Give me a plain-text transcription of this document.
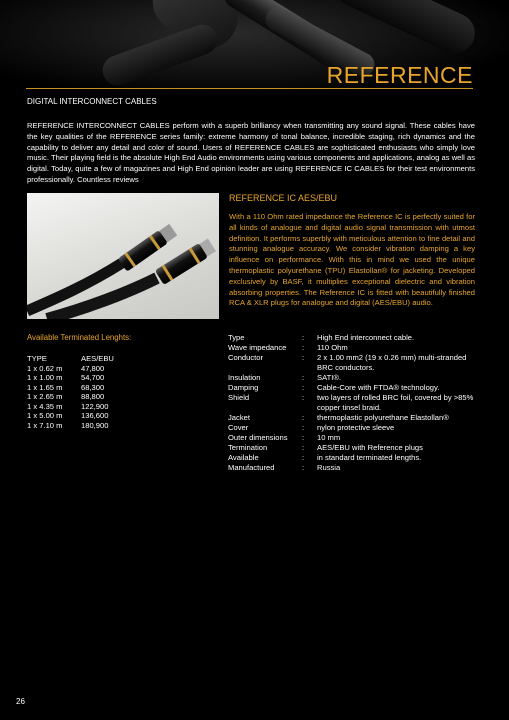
REFERENCE
DIGITAL INTERCONNECT CABLES

REFERENCE INTERCONNECT CABLES perform with a superb brilliancy when transmitting any sound signal. These cables have the key qualities of the REFERENCE series family: extreme harmony of tonal balance, incredible staging, rich dynamics and the capability to deliver any detail and color of sound. Users of REFERENCE CABLES are sophisticated enthusiasts who simply love music. Their playing field is the absolute High End Audio environments using various components and applications, analog as well as digital. Today, quite a few of magazines and High End opinion leader are using REFERENCE IC CABLES for their test environments professionally. Countless reviews

REFERENCE IC AES/EBU

With a 110 Ohm rated impedance the Reference IC is perfectly suited for all kinds of analogue and digital audio signal transmission with utmost definition. It performs superbly with meticulous attention to fine detail and stunning analogue accuracy. We consider vibration damping a key influence on performance. With this in mind we used the unique thermoplastic polyurethane (TPU) Elastollan® for jacketing. Developed exclusively by BASF, it multiplies exceptional dielectric and vibration absorbing properties. The Reference IC is fitted with beautifully finished RCA & XLR plugs for analogue and digital (AES/EBU) audio.

Available Terminated Lenghts:
TYPE	AES/EBU
1 x 0.62 m	47,800
1 x 1.00 m	54,700
1 x 1.65 m	68,300
1 x 2.65 m	88,800
1 x 4.35 m	122,900
1 x 5.00 m	136,600
1 x 7.10 m	180,900
Type	:	High End interconnect cable.
Wave impedance	:	110 Ohm
Conductor	:	2 x 1.00 mm2 (19 x 0.26 mm) multi-stranded BRC conductors.
Insulation	:	SATI®.
Damping	:	Cable-Core with FTDA® technology.
Shield	:	two layers of rolled BRC foil, covered by >85% copper tinsel braid.
Jacket	:	thermoplastic polyurethane Elastollan®
Cover	:	nylon protective sleeve
Outer dimensions	:	10 mm
Termination	:	AES/EBU with Reference plugs
Available	:	in standard terminated lengths.
Manufactured	:	Russia
26
